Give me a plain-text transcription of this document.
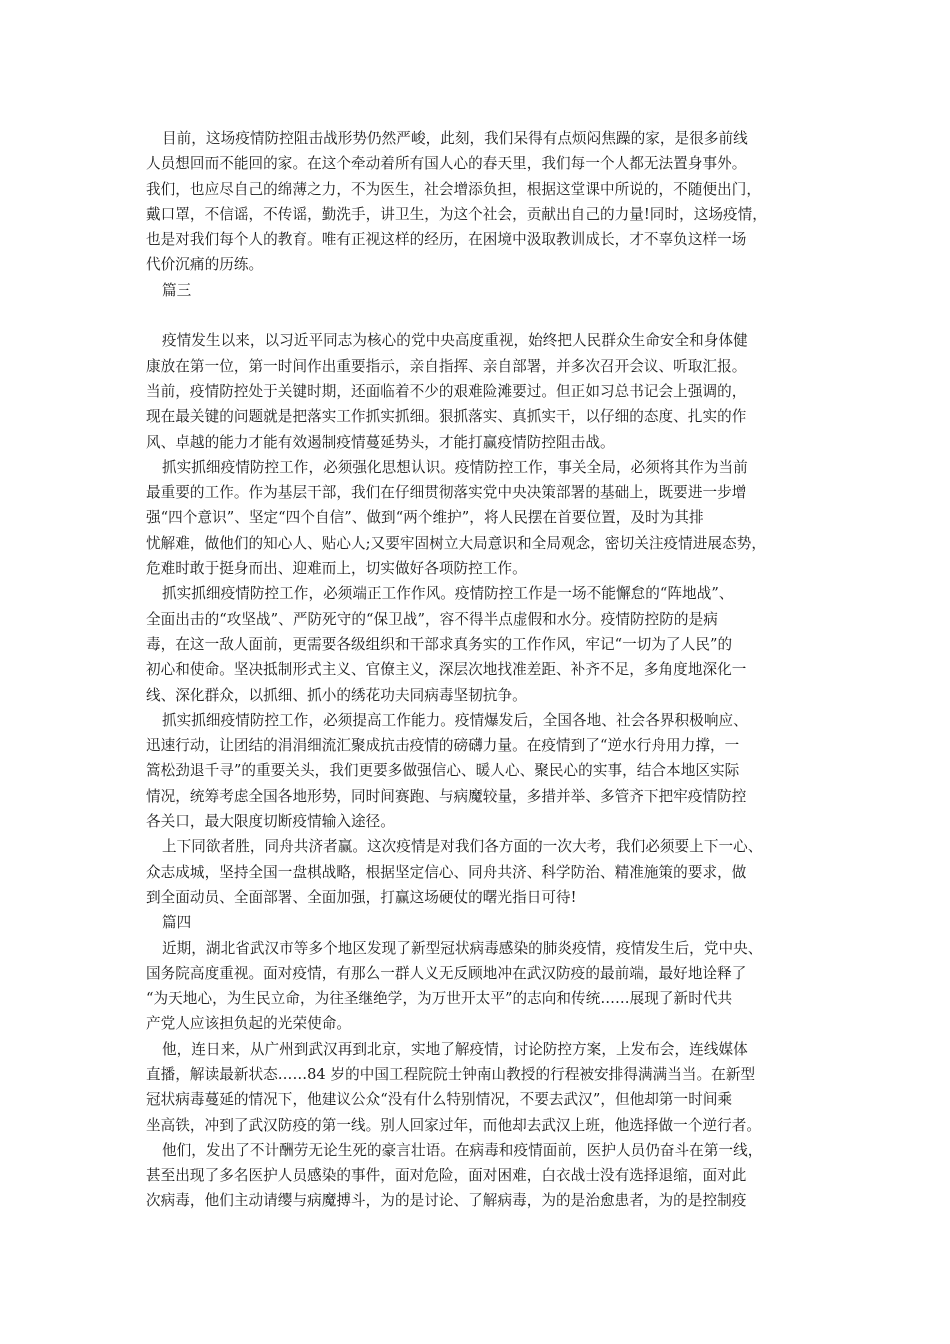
目前，这场疫情防控阻击战形势仍然严峻，此刻，我们呆得有点烦闷焦躁的家，是很多前线
人员想回而不能回的家。在这个牵动着所有国人心的春天里，我们每一个人都无法置身事外。
我们，也应尽自己的绵薄之力，不为医生，社会增添负担，根据这堂课中所说的，不随便出门，
戴口罩，不信谣，不传谣，勤洗手，讲卫生，为这个社会，贡献出自己的力量!同时，这场疫情，
也是对我们每个人的教育。唯有正视这样的经历，在困境中汲取教训成长，才不辜负这样一场
代价沉痛的历练。
篇三
疫情发生以来，以习近平同志为核心的党中央高度重视，始终把人民群众生命安全和身体健
康放在第一位，第一时间作出重要指示，亲自指挥、亲自部署，并多次召开会议、听取汇报。
当前，疫情防控处于关键时期，还面临着不少的艰难险滩要过。但正如习总书记会上强调的，
现在最关键的问题就是把落实工作抓实抓细。狠抓落实、真抓实干，以仔细的态度、扎实的作
风、卓越的能力才能有效遏制疫情蔓延势头，才能打赢疫情防控阻击战。
抓实抓细疫情防控工作，必须强化思想认识。疫情防控工作，事关全局，必须将其作为当前
最重要的工作。作为基层干部，我们在仔细贯彻落实党中央决策部署的基础上，既要进一步增
强“四个意识”、坚定“四个自信”、做到“两个维护”，将人民摆在首要位置，及时为其排
忧解难，做他们的知心人、贴心人;又要牢固树立大局意识和全局观念，密切关注疫情进展态势，
危难时敢于挺身而出、迎难而上，切实做好各项防控工作。
抓实抓细疫情防控工作，必须端正工作作风。疫情防控工作是一场不能懈怠的“阵地战”、
全面出击的“攻坚战”、严防死守的“保卫战”，容不得半点虚假和水分。疫情防控防的是病
毒，在这一敌人面前，更需要各级组织和干部求真务实的工作作风，牢记“一切为了人民”的
初心和使命。坚决抵制形式主义、官僚主义，深层次地找准差距、补齐不足，多角度地深化一
线、深化群众，以抓细、抓小的绣花功夫同病毒坚韧抗争。
抓实抓细疫情防控工作，必须提高工作能力。疫情爆发后，全国各地、社会各界积极响应、
迅速行动，让团结的涓涓细流汇聚成抗击疫情的磅礴力量。在疫情到了“逆水行舟用力撑，一
篙松劲退千寻”的重要关头，我们更要多做强信心、暖人心、聚民心的实事，结合本地区实际
情况，统筹考虑全国各地形势，同时间赛跑、与病魔较量，多措并举、多管齐下把牢疫情防控
各关口，最大限度切断疫情输入途径。
上下同欲者胜，同舟共济者赢。这次疫情是对我们各方面的一次大考，我们必须要上下一心、
众志成城，坚持全国一盘棋战略，根据坚定信心、同舟共济、科学防治、精准施策的要求，做
到全面动员、全面部署、全面加强，打赢这场硬仗的曙光指日可待!
篇四
近期，湖北省武汉市等多个地区发现了新型冠状病毒感染的肺炎疫情，疫情发生后，党中央、
国务院高度重视。面对疫情，有那么一群人义无反顾地冲在武汉防疫的最前端，最好地诠释了
“为天地心，为生民立命，为往圣继绝学，为万世开太平”的志向和传统……展现了新时代共
产党人应该担负起的光荣使命。
他，连日来，从广州到武汉再到北京，实地了解疫情，讨论防控方案，上发布会，连线媒体
直播，解读最新状态……84 岁的中国工程院院士钟南山教授的行程被安排得满满当当。在新型
冠状病毒蔓延的情况下，他建议公众“没有什么特别情况，不要去武汉”，但他却第一时间乘
坐高铁，冲到了武汉防疫的第一线。别人回家过年，而他却去武汉上班，他选择做一个逆行者。
他们，发出了不计酬劳无论生死的豪言壮语。在病毒和疫情面前，医护人员仍奋斗在第一线，
甚至出现了多名医护人员感染的事件，面对危险，面对困难，白衣战士没有选择退缩，面对此
次病毒，他们主动请缨与病魔搏斗，为的是讨论、了解病毒，为的是治愈患者，为的是控制疫
